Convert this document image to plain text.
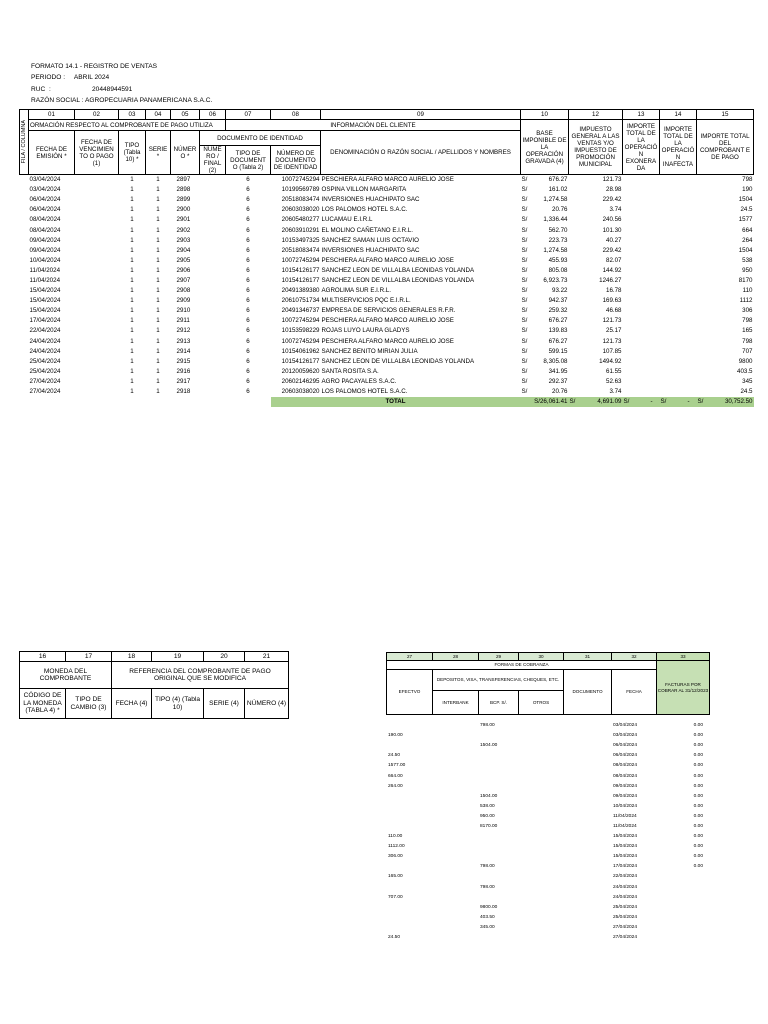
FORMATO 14.1 - REGISTRO DE VENTAS
PERIODO :     ABRIL 2024
RUC  :	20448944591
RAZÓN SOCIAL : AGROPECUARIA PANAMERICANA S.A.C.
FILA / COLUMNA	01	02	03	04	05	06	07	08	09	10	12	13	14	15
	ORMACIÓN RESPECTO AL COMPROBANTE DE PAGO UTILIZA						INFORMACIÓN DEL CLIENTE			BASE IMPONIBLE DE LA OPERACIÓN GRAVADA (4)	IMPUESTO GENERAL A LAS VENTAS Y/O IMPUESTO DE PROMOCIÓN MUNICIPAL	IMPORTE TOTAL DE LA OPERACIÓ N EXONERA DA	IMPORTE TOTAL DE LA OPERACIÓ N INAFECTA	IMPORTE TOTAL DEL COMPROBANT E DE PAGO
	FECHA DE EMISIÓN *	FECHA DE VENCIMIEN TO O PAGO (1)	TIPO (Tabla 10) *	SERIE *	NÚMER O *	DOCUMENTO DE IDENTIDAD			DENOMINACIÓN O RAZÓN SOCIAL / APELLIDOS Y NOMBRES					
						NÚME RO / FINAL (2)	TIPO DE DOCUMENT O (Tabla 2)	NÚMERO DE DOCUMENTO DE IDENTIDAD						
	03/04/2024		1	1	2897		6	10072745294	PESCHIERA ALFARO MARCO AURELIO JOSE	S/ 676.27	121.73			798
	03/04/2024		1	1	2898		6	10199569789	OSPINA VILLON MARGARITA	S/ 161.02	28.98			190
	06/04/2024		1	1	2899		6	20518083474	INVERSIONES HUACHIPATO SAC	S/ 1,274.58	229.42			1504
	06/04/2024		1	1	2900		6	20603038020	LOS PALOMOS HOTEL S.A.C.	S/ 20.76	3.74			24.5
	08/04/2024		1	1	2901		6	20605480277	LUCAMAU E.I.R.L	S/ 1,336.44	240.56			1577
	08/04/2024		1	1	2902		6	20603910291	EL MOLINO CAÑETANO E.I.R.L.	S/ 562.70	101.30			664
	09/04/2024		1	1	2903		6	10153497325	SANCHEZ SAMAN LUIS OCTAVIO	S/ 223.73	40.27			264
	09/04/2024		1	1	2904		6	20518083474	INVERSIONES HUACHIPATO SAC	S/ 1,274.58	229.42			1504
	10/04/2024		1	1	2905		6	10072745294	PESCHIERA ALFARO MARCO AURELIO JOSE	S/ 455.93	82.07			538
	11/04/2024		1	1	2906		6	10154126177	SANCHEZ LEON DE VILLALBA LEONIDAS YOLANDA	S/ 805.08	144.92			950
	11/04/2024		1	1	2907		6	10154126177	SANCHEZ LEON DE VILLALBA LEONIDAS YOLANDA	S/ 6,923.73	1246.27			8170
	15/04/2024		1	1	2908		6	20491389380	AGROLIMA SUR E.I.R.L.	S/ 93.22	16.78			110
	15/04/2024		1	1	2909		6	20610751734	MULTISERVICIOS PQC E.I.R.L.	S/ 942.37	169.63			1112
	15/04/2024		1	1	2910		6	20491346737	EMPRESA DE SERVICIOS GENERALES R.F.R.	S/ 259.32	46.68			306
	17/04/2024		1	1	2911		6	10072745294	PESCHIERA ALFARO MARCO AURELIO JOSE	S/ 676.27	121.73			798
	22/04/2024		1	1	2912		6	10153598229	ROJAS LUYO LAURA GLADYS	S/ 139.83	25.17			165
	24/04/2024		1	1	2913		6	10072745294	PESCHIERA ALFARO MARCO AURELIO JOSE	S/ 676.27	121.73			798
	24/04/2024		1	1	2914		6	10154061962	SANCHEZ BENITO MIRIAN JULIA	S/ 599.15	107.85			707
	25/04/2024		1	1	2915		6	10154126177	SANCHEZ LEON DE VILLALBA LEONIDAS YOLANDA	S/ 8,305.08	1494.92			9800
	25/04/2024		1	1	2916		6	20120059620	SANTA ROSITA S.A.	S/ 341.95	61.55			403.5
	27/04/2024		1	1	2917		6	20602146295	AGRO PACAYALES S.A.C.	S/ 292.37	52.63			345
	27/04/2024		1	1	2918		6	20603038020	LOS PALOMOS HOTEL S.A.C.	S/ 20.76	3.74			24.5
								TOTAL		S/26,061.41	S/ 4,691.09	S/ -	S/ -	S/ 30,752.50
16	17	18	19	20	21
MONEDA DEL COMPROBANTE		REFERENCIA DEL COMPROBANTE DE PAGO ORIGINAL QUE SE MODIFICA			
CÓDIGO DE LA MONEDA (TABLA 4) *	TIPO DE CAMBIO (3)	FECHA (4)	TIPO (4) (Tabla 10)	SERIE (4)	NÚMERO (4)
27	28	29	30	31	32	33
FORMAS DE COBRANZA						FACTURAS POR COBRAR AL 31/12/2023
EFECTVO	DEPOSITOS, VISA, TRANSFERENCIAS, CHEQUES, ETC.			DOCUMENTO	FECHA	
	INTERBANK	BCP. S/.	OTROS			
		798.00			03/04/2024	0.00
190.00					03/04/2024	0.00
		1504.00			06/04/2024	0.00
24.50					06/04/2024	0.00
1577.00					08/04/2024	0.00
664.00					08/04/2024	0.00
264.00					09/04/2024	0.00
		1504.00			09/04/2024	0.00
		538.00			10/04/2024	0.00
		950.00			11/04/2024	0.00
		8170.00			11/04/2024	0.00
110.00					15/04/2024	0.00
1112.00					15/04/2024	0.00
306.00					15/04/2024	0.00
		798.00			17/04/2024	0.00
165.00					22/04/2024	
		798.00			24/04/2024	
707.00					24/04/2024	
		9800.00			25/04/2024	
		403.50			25/04/2024	
		345.00			27/04/2024	
24.50					27/04/2024	
